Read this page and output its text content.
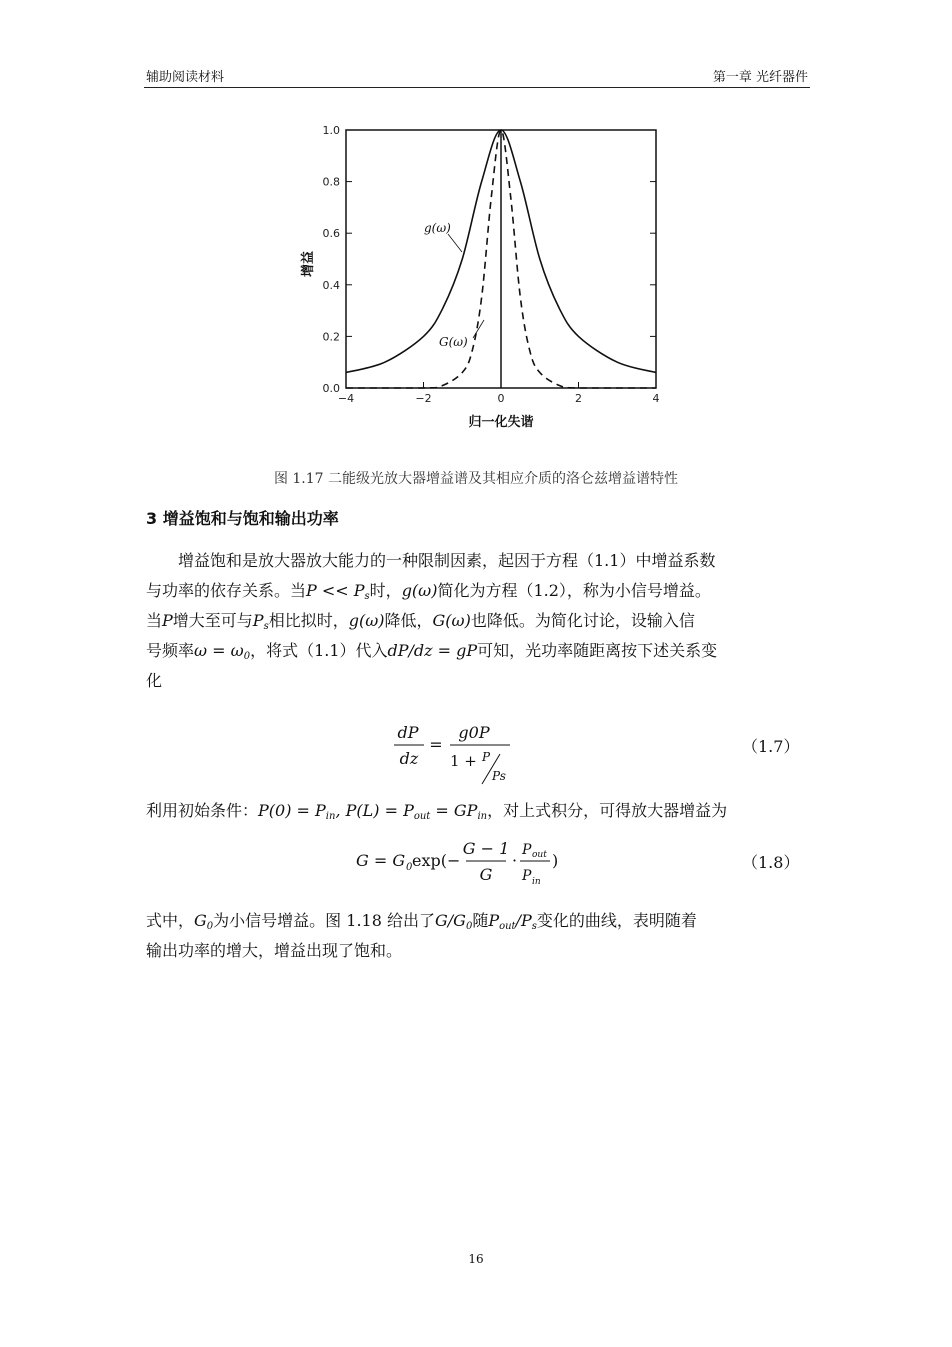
辅助阅读材料	第一章 光纤器件
0.0
0.2
0.4
0.6
0.8
1.0
−4	−2	0	2	4
g(ω)
G(ω)
归一化失谐
增益
图 1.17 二能级光放大器增益谱及其相应介质的洛仑兹增益谱特性
3 增益饱和与饱和输出功率
增益饱和是放大器放大能力的一种限制因素，起因于方程（1.1）中增益系数
与功率的依存关系。当$P << P_s$时，g(ω)简化为方程（1.2），称为小信号增益。
当P增大至可与$P_s$相比拟时，g(ω)降低，G(ω)也降低。为简化讨论，设输入信
号频率$\omega = \omega_0$，将式（1.1）代入dP/dz = gP可知，光功率随距离按下述关系变
化
dP
dz
=
g0P
1 + P
Ps
（1.7）
利用初始条件：$P(0) = P_{in}$, $P(L) = P_{out} = GP_{in}$，对上式积分，可得放大器增益为
G = G 0 exp(−
G − 1
G
·
P out
P in
)	（1.8）
式中，$G_0$为小信号增益。图 1.18 给出了$G/G_0$随$P_{out}/P_s$变化的曲线，表明随着
输出功率的增大，增益出现了饱和。
16
